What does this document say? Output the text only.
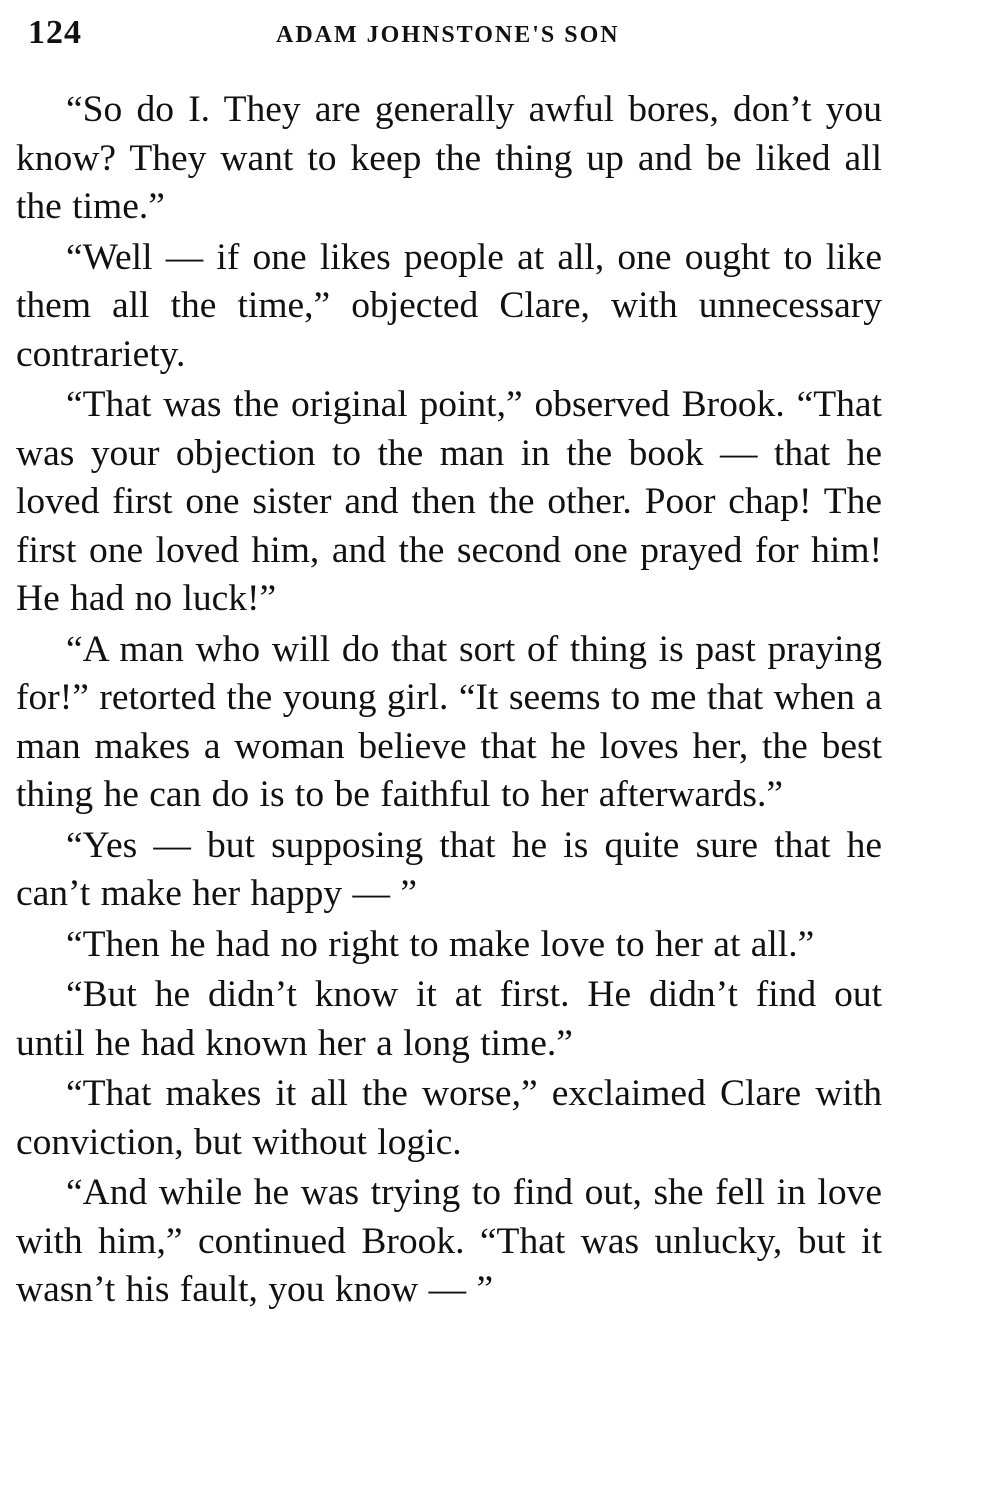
124	ADAM JOHNSTONE'S SON

“So do I. They are generally awful bores, don’t you know? They want to keep the thing up and be liked all the time.”

“Well — if one likes people at all, one ought to like them all the time,” objected Clare, with unnecessary contrariety.

“That was the original point,” observed Brook. “That was your objection to the man in the book — that he loved first one sister and then the other. Poor chap! The first one loved him, and the second one prayed for him! He had no luck!”

“A man who will do that sort of thing is past praying for!” retorted the young girl. “It seems to me that when a man makes a woman believe that he loves her, the best thing he can do is to be faithful to her afterwards.”

“Yes — but supposing that he is quite sure that he can’t make her happy — ”

“Then he had no right to make love to her at all.”

“But he didn’t know it at first. He didn’t find out until he had known her a long time.”

“That makes it all the worse,” exclaimed Clare with conviction, but without logic.

“And while he was trying to find out, she fell in love with him,” continued Brook. “That was unlucky, but it wasn’t his fault, you know — ”
